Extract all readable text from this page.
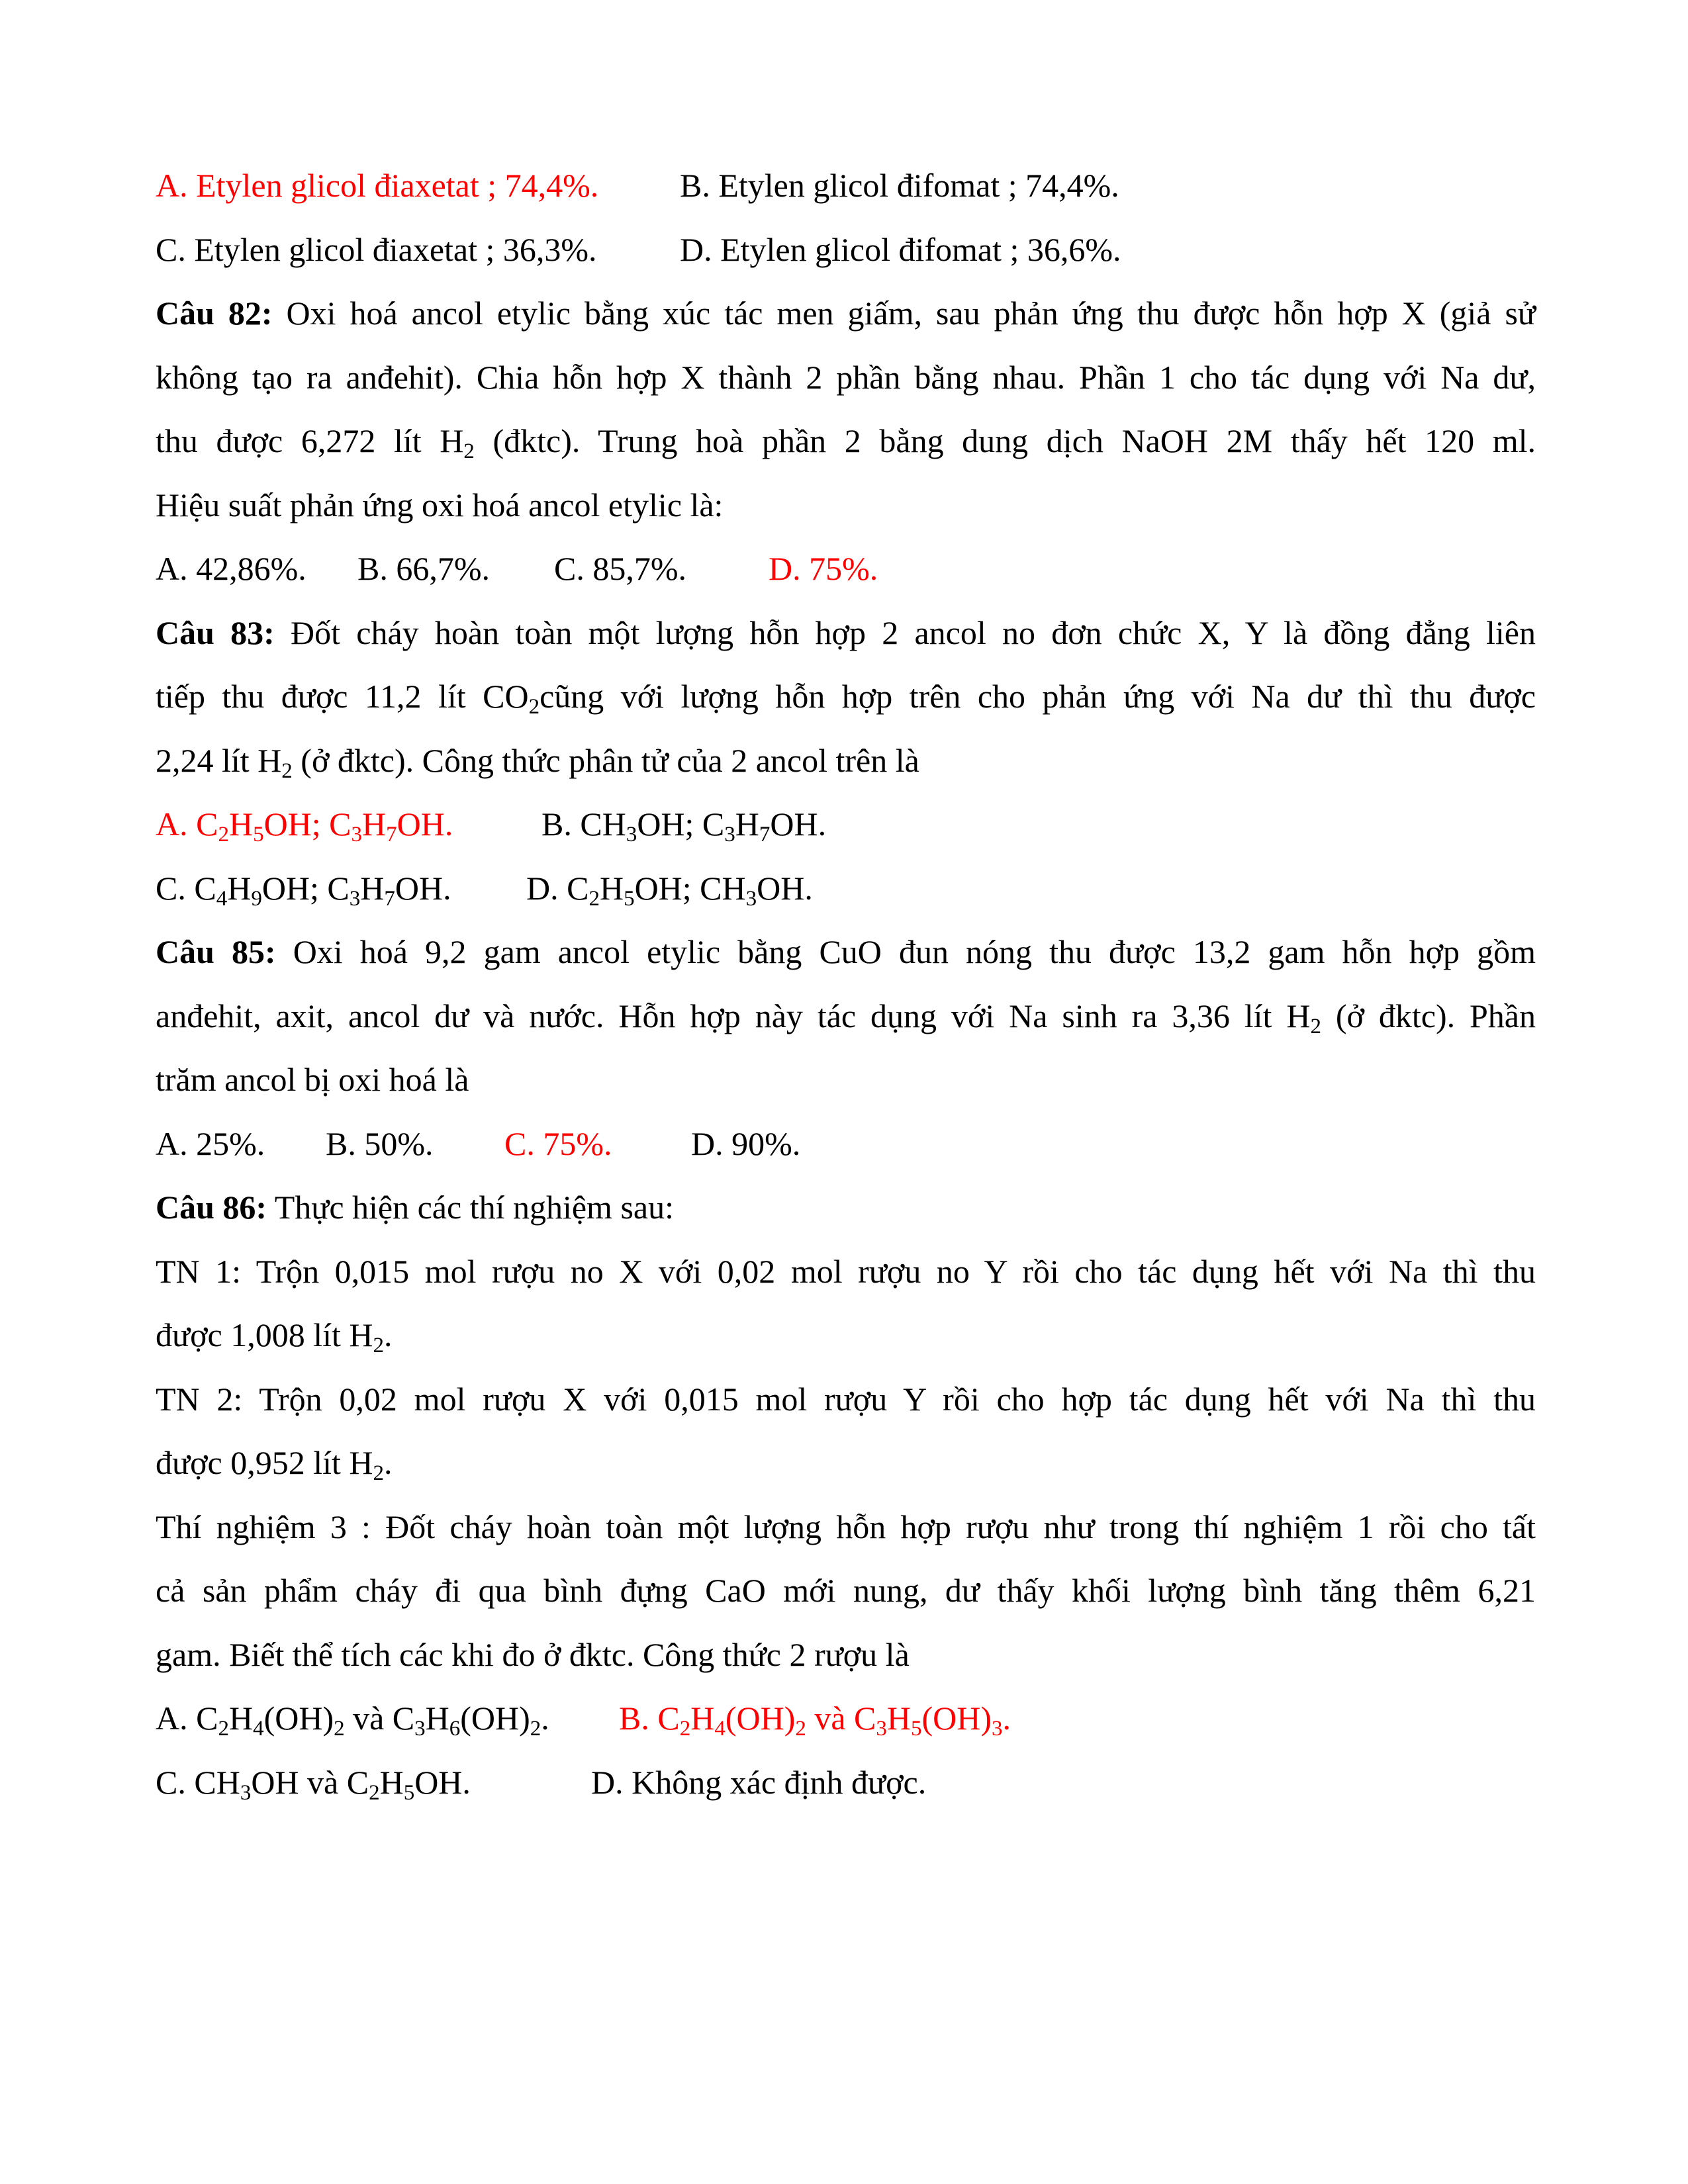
A. Etylen glicol điaxetat ; 74,4%. B. Etylen glicol đifomat ; 74,4%.
C. Etylen glicol điaxetat ; 36,3%.	D. Etylen glicol đifomat ; 36,6%.
Câu 82: Oxi hoá ancol etylic bằng xúc tác men giấm, sau phản ứng thu được hỗn hợp X (giả sử
không tạo ra anđehit). Chia hỗn hợp X thành 2 phần bằng nhau. Phần 1 cho tác dụng với Na dư,
thu được 6,272 lít $H_2$ (đktc). Trung hoà phần 2 bằng dung dịch NaOH 2M thấy hết 120 ml.
Hiệu suất phản ứng oxi hoá ancol etylic là:
A. 42,86%. B. 66,7%. C. 85,7%. D. 75%.
Câu 83: Đốt cháy hoàn toàn một lượng hỗn hợp 2 ancol no đơn chức X, Y là đồng đẳng liên
tiếp thu được 11,2 lít $CO_2cũng$ với lượng hỗn hợp trên cho phản ứng với Na dư thì thu được
2,24 lít $H_2$ (ở đktc). Công thức phân tử của 2 ancol trên là
A. $C_2H_5OH$; $C_3H_7OH$.	B. $CH_3OH$; $C_3H_7OH$.
C. $C_4H_9OH$; $C_3H_7OH$. D. $C_2H_5OH$; $CH_3OH$.
Câu 85: Oxi hoá 9,2 gam ancol etylic bằng CuO đun nóng thu được 13,2 gam hỗn hợp gồm
anđehit, axit, ancol dư và nước. Hỗn hợp này tác dụng với Na sinh ra 3,36 lít $H_2$ (ở đktc). Phần
trăm ancol bị oxi hoá là
A. 25%. B. 50%. C. 75%. D. 90%.
Câu 86: Thực hiện các thí nghiệm sau:
TN 1: Trộn 0,015 mol rượu no X với 0,02 mol rượu no Y rồi cho tác dụng hết với Na thì thu
được 1,008 lít $H_2$.
TN 2: Trộn 0,02 mol rượu X với 0,015 mol rượu Y rồi cho hợp tác dụng hết với Na thì thu
được 0,952 lít $H_2$.
Thí nghiệm 3 : Đốt cháy hoàn toàn một lượng hỗn hợp rượu như trong thí nghiệm 1 rồi cho tất
cả sản phẩm cháy đi qua bình đựng CaO mới nung, dư thấy khối lượng bình tăng thêm 6,21
gam. Biết thể tích các khi đo ở đktc. Công thức 2 rượu là
A. $C_2H_4(OH)_2$ và $C_3H_6(OH)_2$. B. $C_2H_4(OH)_2$ và $C_3H_5(OH)_3$.
C. $CH_3OH$ và $C_2H_5OH$.	D. Không xác định được.
